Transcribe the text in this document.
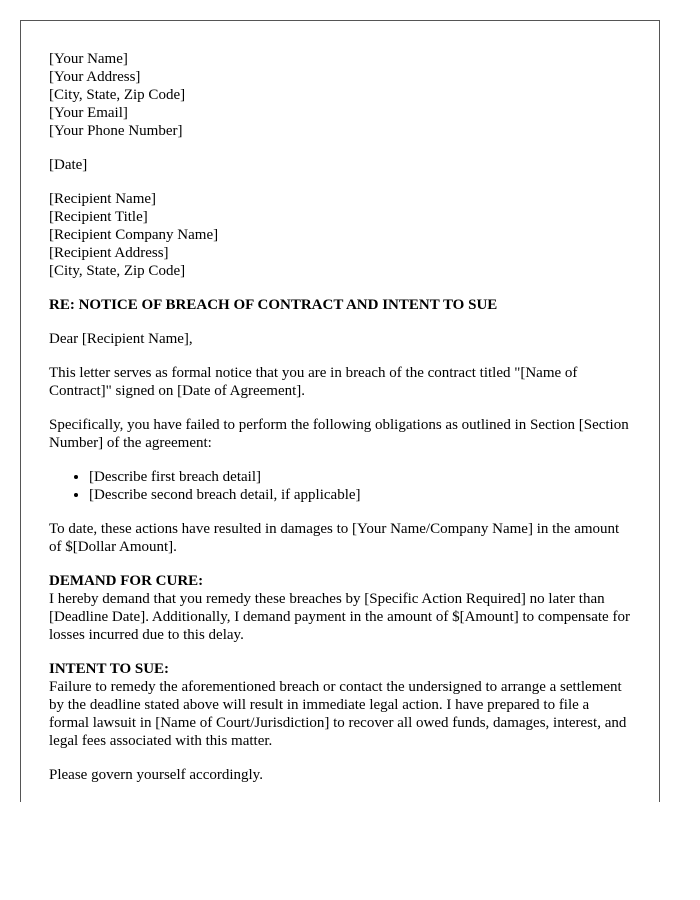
[Your Name]
[Your Address]
[City, State, Zip Code]
[Your Email]
[Your Phone Number]
[Date]
[Recipient Name]
[Recipient Title]
[Recipient Company Name]
[Recipient Address]
[City, State, Zip Code]

RE: NOTICE OF BREACH OF CONTRACT AND INTENT TO SUE

Dear [Recipient Name],

This letter serves as formal notice that you are in breach of the contract titled "[Name of Contract]" signed on [Date of Agreement].

Specifically, you have failed to perform the following obligations as outlined in Section [Section Number] of the agreement:

• [Describe first breach detail]
• [Describe second breach detail, if applicable]

To date, these actions have resulted in damages to [Your Name/Company Name] in the amount of $[Dollar Amount].

DEMAND FOR CURE:

I hereby demand that you remedy these breaches by [Specific Action Required] no later than [Deadline Date]. Additionally, I demand payment in the amount of $[Amount] to compensate for losses incurred due to this delay.

INTENT TO SUE:

Failure to remedy the aforementioned breach or contact the undersigned to arrange a settlement by the deadline stated above will result in immediate legal action. I have prepared to file a formal lawsuit in [Name of Court/Jurisdiction] to recover all owed funds, damages, interest, and legal fees associated with this matter.

Please govern yourself accordingly.
